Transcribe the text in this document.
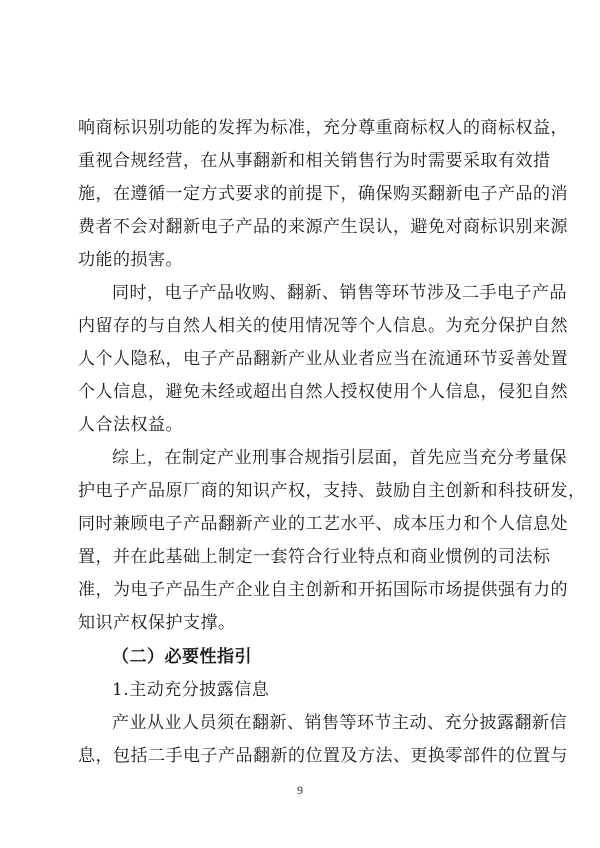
响商标识别功能的发挥为标准，充分尊重商标权人的商标权益，
重视合规经营，在从事翻新和相关销售行为时需要采取有效措
施，在遵循一定方式要求的前提下，确保购买翻新电子产品的消
费者不会对翻新电子产品的来源产生误认，避免对商标识别来源
功能的损害。
同时，电子产品收购、翻新、销售等环节涉及二手电子产品
内留存的与自然人相关的使用情况等个人信息。为充分保护自然
人个人隐私，电子产品翻新产业从业者应当在流通环节妥善处置
个人信息，避免未经或超出自然人授权使用个人信息，侵犯自然
人合法权益。
综上，在制定产业刑事合规指引层面，首先应当充分考量保
护电子产品原厂商的知识产权，支持、鼓励自主创新和科技研发，
同时兼顾电子产品翻新产业的工艺水平、成本压力和个人信息处
置，并在此基础上制定一套符合行业特点和商业惯例的司法标
准，为电子产品生产企业自主创新和开拓国际市场提供强有力的
知识产权保护支撑。
（二）必要性指引
1.主动充分披露信息
产业从业人员须在翻新、销售等环节主动、充分披露翻新信
息，包括二手电子产品翻新的位置及方法、更换零部件的位置与
9
